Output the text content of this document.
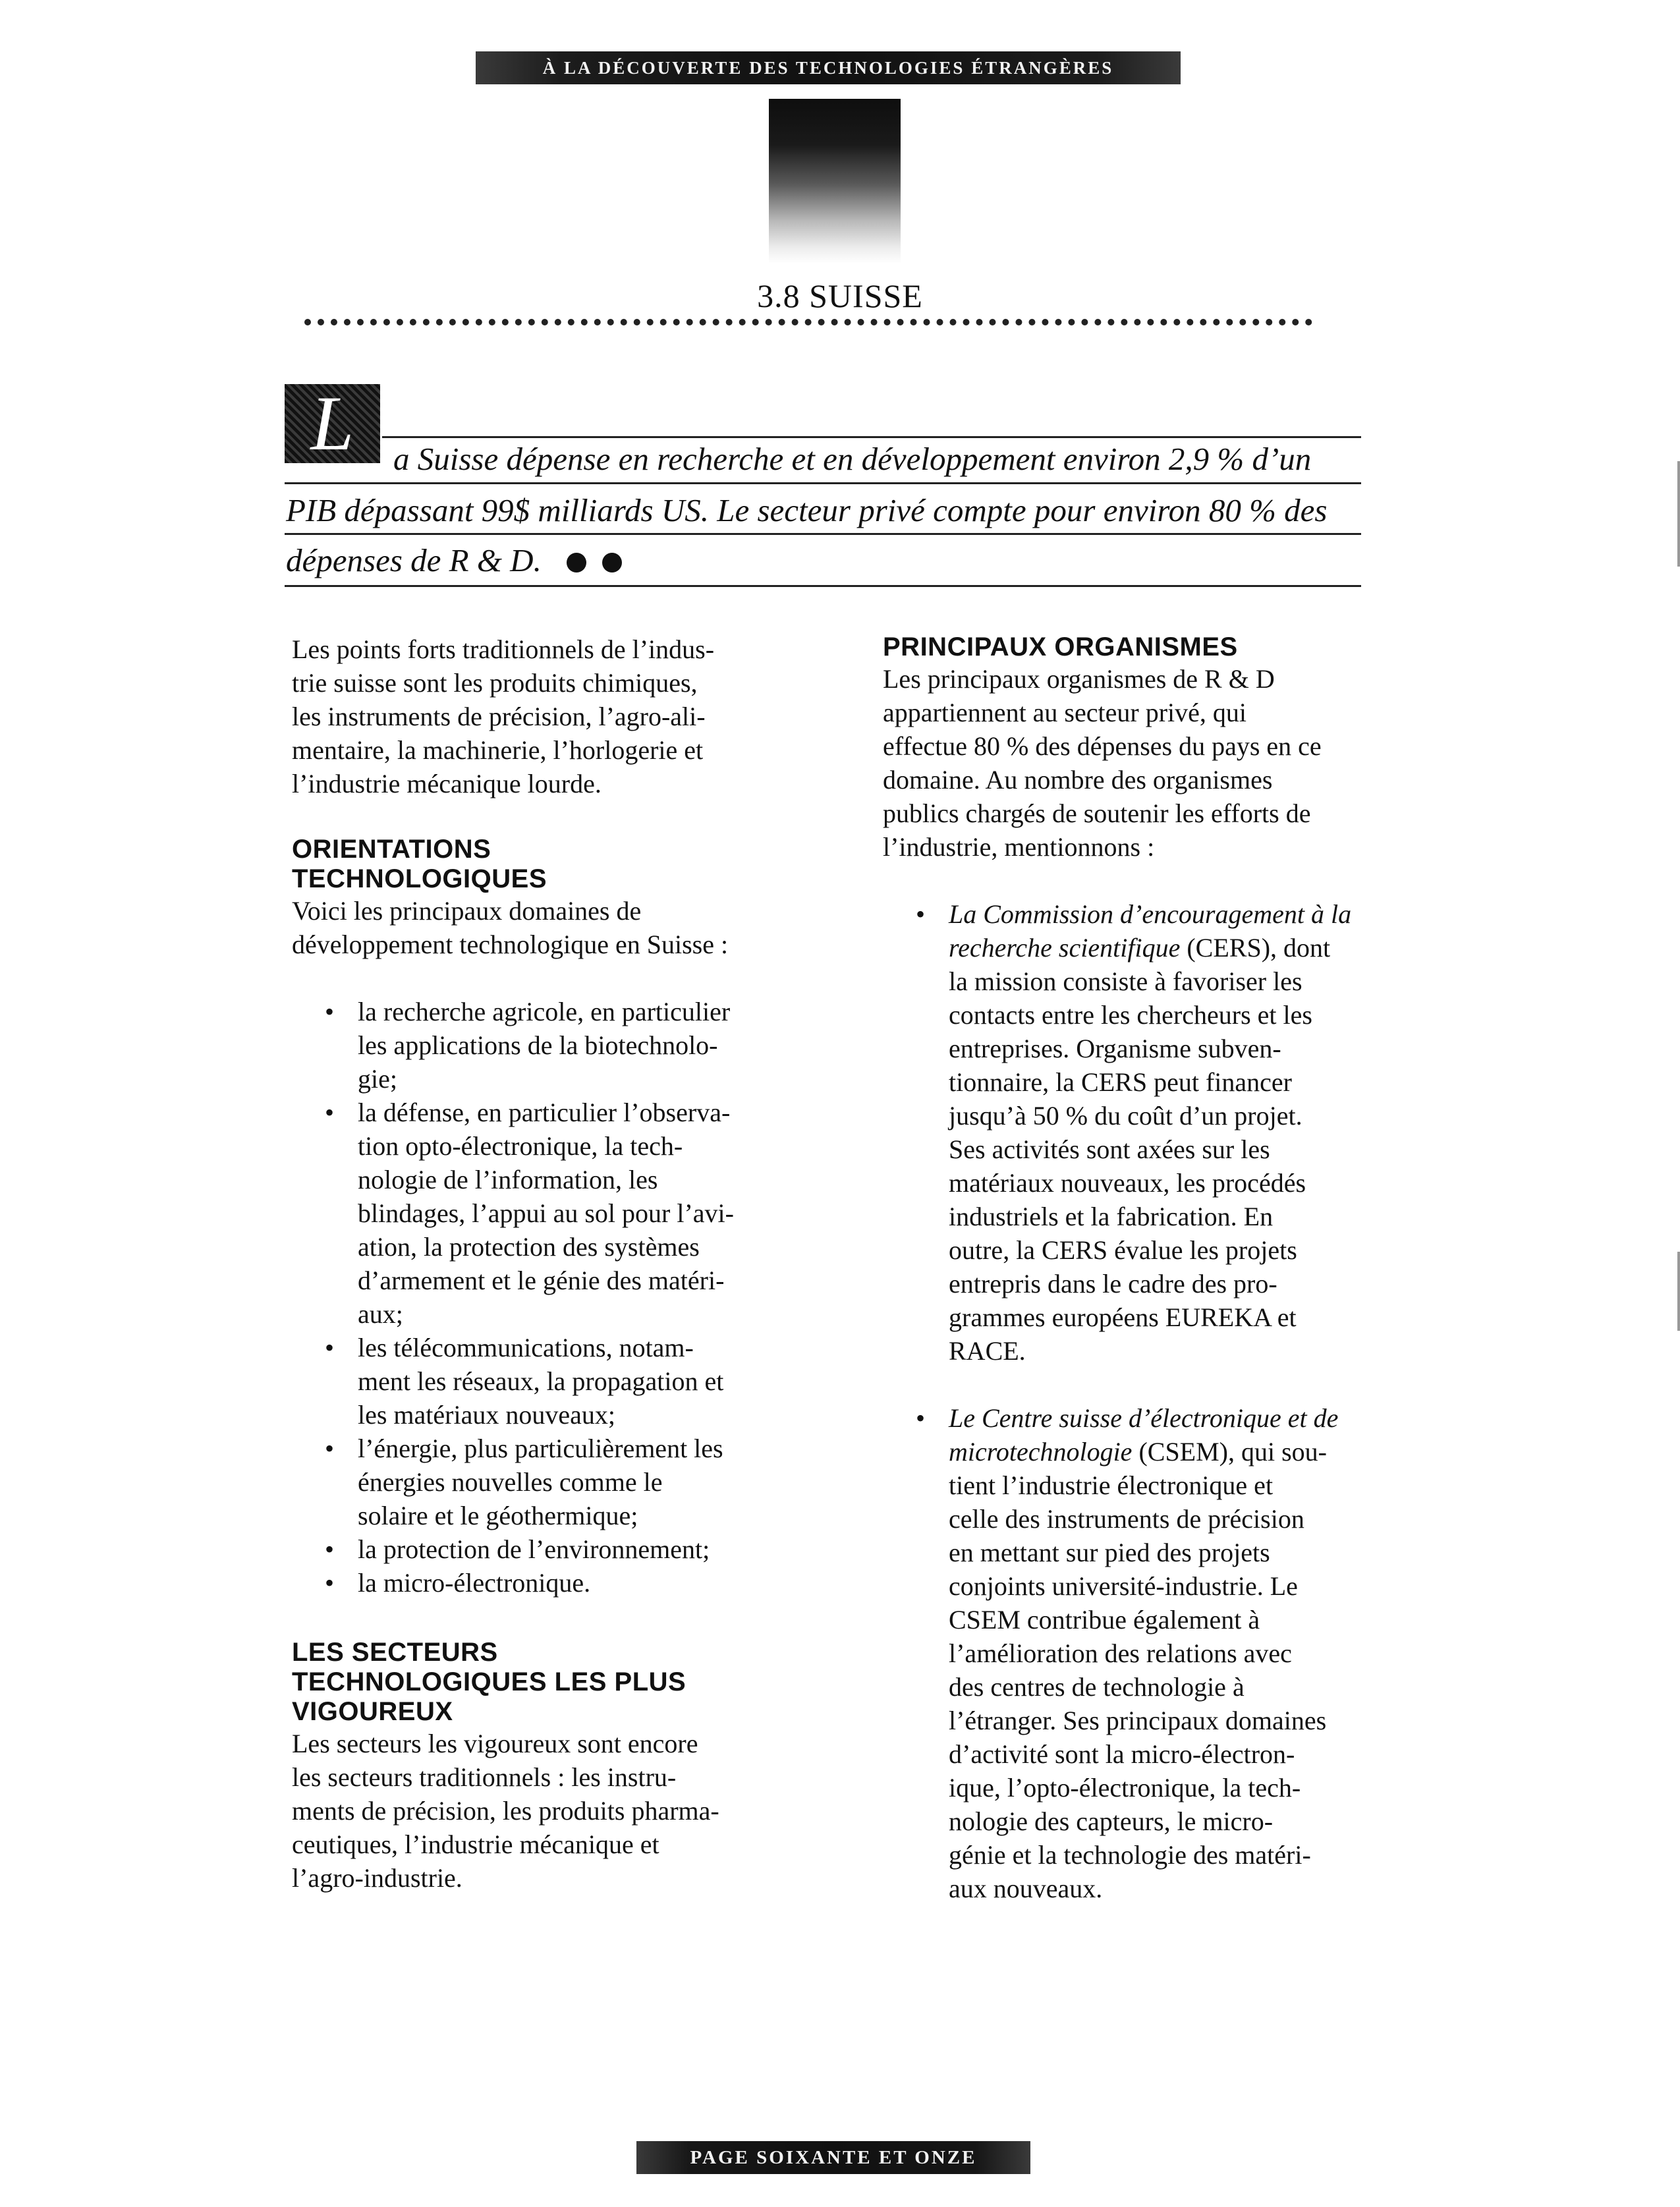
À LA DÉCOUVERTE DES TECHNOLOGIES ÉTRANGÈRES
3.8 SUISSE
L	a Suisse dépense en recherche et en développement environ 2,9 % d’un
PIB dépassant 99$ milliards US. Le secteur privé compte pour environ 80 % des
dépenses de R & D.

Les points forts traditionnels de l’indus-
trie suisse sont les produits chimiques,
les instruments de précision, l’agro-ali-
mentaire, la machinerie, l’horlogerie et
l’industrie mécanique lourde.

ORIENTATIONS
TECHNOLOGIQUES

Voici les principaux domaines de
développement technologique en Suisse :

• la recherche agricole, en particulier
les applications de la biotechnolo-
gie;
• la défense, en particulier l’observa-
tion opto-électronique, la tech-
nologie de l’information, les
blindages, l’appui au sol pour l’avi-
ation, la protection des systèmes
d’armement et le génie des matéri-
aux;
• les télécommunications, notam-
ment les réseaux, la propagation et
les matériaux nouveaux;
• l’énergie, plus particulièrement les
énergies nouvelles comme le
solaire et le géothermique;
• la protection de l’environnement;
• la micro-électronique.
LES SECTEURS
TECHNOLOGIQUES LES PLUS
VIGOUREUX

Les secteurs les vigoureux sont encore
les secteurs traditionnels : les instru-
ments de précision, les produits pharma-
ceutiques, l’industrie mécanique et
l’agro-industrie.

PRINCIPAUX ORGANISMES

Les principaux organismes de R & D
appartiennent au secteur privé, qui
effectue 80 % des dépenses du pays en ce
domaine. Au nombre des organismes
publics chargés de soutenir les efforts de
l’industrie, mentionnons :

• La Commission d’encouragement à la
recherche scientifique (CERS), dont
la mission consiste à favoriser les
contacts entre les chercheurs et les
entreprises. Organisme subven-
tionnaire, la CERS peut financer
jusqu’à 50 % du coût d’un projet.
Ses activités sont axées sur les
matériaux nouveaux, les procédés
industriels et la fabrication. En
outre, la CERS évalue les projets
entrepris dans le cadre des pro-
grammes européens EUREKA et
RACE.
• Le Centre suisse d’électronique et de
microtechnologie (CSEM), qui sou-
tient l’industrie électronique et
celle des instruments de précision
en mettant sur pied des projets
conjoints université-industrie. Le
CSEM contribue également à
l’amélioration des relations avec
des centres de technologie à
l’étranger. Ses principaux domaines
d’activité sont la micro-électron-
ique, l’opto-électronique, la tech-
nologie des capteurs, le micro-
génie et la technologie des matéri-
aux nouveaux.
PAGE SOIXANTE ET ONZE
